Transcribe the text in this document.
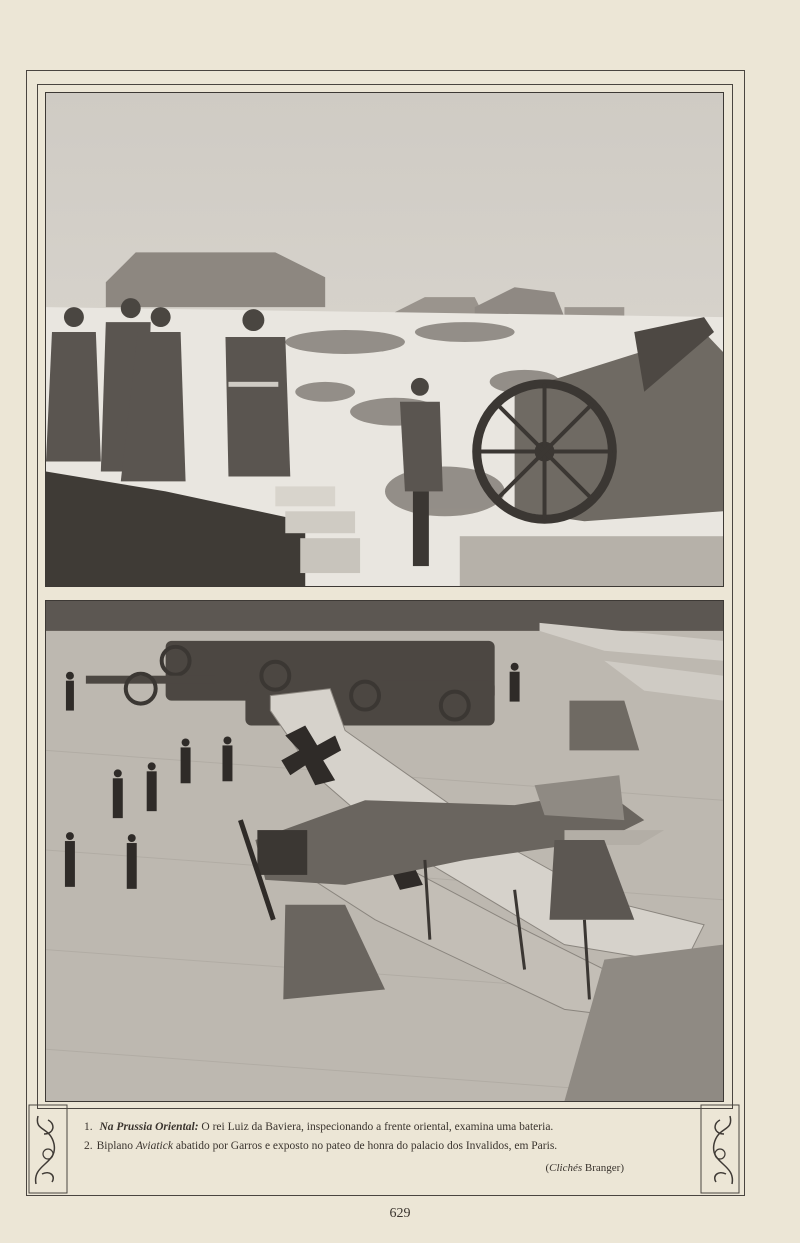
1. Na Prussia Oriental: O rei Luiz da Baviera, inspecionando a frente oriental, examina uma bateria.
2. Biplano Aviatick abatido por Garros e exposto no pateo de honra do palacio dos Invalidos, em Paris.
(Clichés Branger)
629
